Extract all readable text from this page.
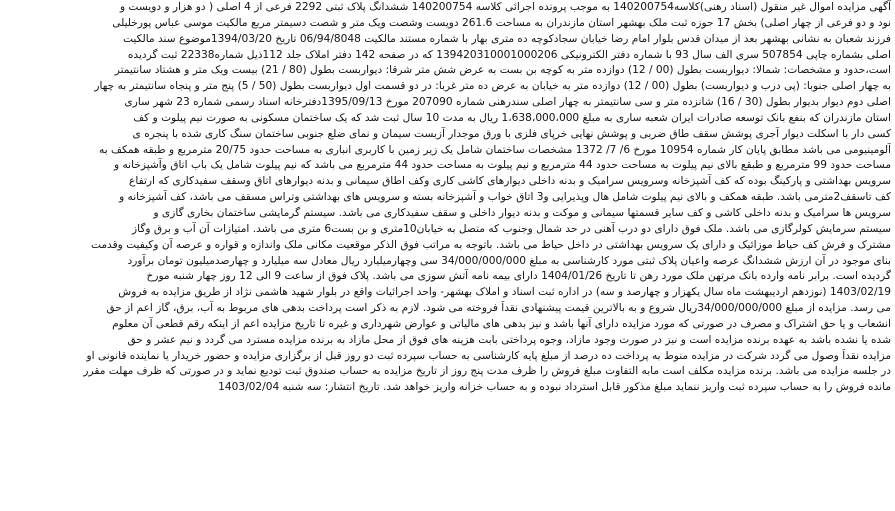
آگهی مزایده اموال غیر منقول (اسناد رهنی)کلاسه140200754 به موجب پرونده اجرائی کلاسه 140200754 ششدانگ پلاک ثبتی 2292 فرعی از 4 اصلی ( دو هزار و دویست و
نود و دو فرعی از چهار اصلی) بخش 17 حوزه ثبت ملک بهشهر استان مازندران به مساحت 261.6 دویست وشصت ویک متر و شصت دسیمتر مربع مالکیت موسی عباس پورخلیلی
فرزند شعبان به نشانی بهشهر بعد از میدان قدس بلوار امام رضا خیابان سجادکوچه ده متری بهار با شماره مستند مالکیت 06/94/8048 تاریخ 1394/03/20موضوع سند مالکیت
اصلی بشماره چاپی 507854 سری الف سال 93 با شماره دفتر الکترونیکی 139420310001000206 که در صفحه 142 دفتر املاک جلد 112ذیل شماره22338 ثبت گردیده
است،حدود و مشخصات: شمالا: دیواربست بطول (00 / 12) دوازده متر به کوچه بن بست به عرض شش متر شرقا: دیواربست بطول (80 / 21) بیست ویک متر و هشتاد سانتیمتر
به چهار اصلی جنوبا: (پی درب و دیواربست) بطول (00 / 12) دوازده متر به خیابان به عرض ده متر غربا: در دو قسمت اول دیواربست بطول (50 / 5) پنج متر و پنجاه سانتیمتر به چهار
اصلی دوم دیوار بدیوار بطول (30 / 16) شانزده متر و سی سانتیمتر به چهار اصلی سندرهنی شماره 207090 مورخ 1395/09/13دفترخانه اسناد رسمی شماره 23 شهر ساری
استان مازندران که بنفع بانک توسعه صادرات ایران شعبه ساری به مبلغ 1،638،000،000 ریال به مدت 10 سال ثبت شد که یک ساختمان مسکونی به صورت نیم پیلوت و کف
کسی دار با اسکلت دیوار آجری پوشش سقف طاق ضربی و پوشش نهایی خرپای فلزی با ورق موجدار آزبست سیمان و نمای ضلع جنوبی ساختمان سنگ کاری شده با پنجره ی
آلومینیومی می باشد مطابق پایان کار شماره 10954 مورخ 6/ 7/ 1372 مشخصات ساختمان شامل یک زیر زمین با کاربری انباری به مساحت حدود 20/75 مترمربع و طبقه همکف به
مساحت حدود 99 مترمربع و طبقع بالای نیم پیلوت به مساحت حدود 44 مترمربع و نیم پیلوت به مساحت حدود 44 مترمربع می باشد که نیم پیلوت شامل یک باب اتاق وآشپزخانه و
سرویس بهداشتی و پارکینگ بوده که کف آشپزخانه وسرویس سرامیک و بدنه داخلی دیوارهای کاشی کاری وکف اطاق سیمانی و بدنه دیوارهای اتاق وسقف سفیدکاری که ارتفاع
کف تاسقف2مترمی باشد. طبقه همکف و بالای نیم پیلوت شامل هال وپذیرایی و3 اتاق خواب و آشپزخانه بسته و سرویس های بهداشتی وتراس مسقف می باشد، کف آشپزخانه و
سرویس ها سرامیک و بدنه داخلی کاشی و کف سایر قسمتها سیمانی و موکت و بدنه دیوار داخلی و سقف سفیدکاری می باشد. سیستم گرمایشی ساختمان بخاری گازی و
سیستم سرمایش کولرگازی می باشد. ملک فوق دارای دو درب آهنی در حد شمال وجنوب که متصل به خیابان10متری و بن بست6 متری می باشد. امتیازات آن آب و برق وگاز
مشترک و فرش کف حیاط موزائیک و دارای یک سرویس بهداشتی در داخل حیاط می باشد. باتوجه به مراتب فوق الذکر موقعیت مکانی ملک واندازه و قواره و عرصه آن وکیفیت وقدمت
بنای موجود در آن ارزش ششدانگ عرصه واعیان پلاک ثبتی مورد کارشناسی به مبلغ 34/000/000/000 سی وچهارمیلیارد ریال معادل سه میلیارد و چهارصدمیلیون تومان برآورد
گردیده است. برابر نامه وارده بانک مرتهن ملک مورد رهن تا تاریخ 1404/01/26 دارای بیمه نامه آتش سوزی می باشد. پلاک فوق از ساعت 9 الی 12 روز چهار شنبه مورخ
1403/02/19 (نوزدهم اردیبهشت ماه سال یکهزار و چهارصد و سه) در اداره ثبت اسناد و املاک بهشهر- واحد اجرائیات واقع در بلوار شهید هاشمی نژاد از طریق مزایده به فروش
می رسد. مزایده از مبلغ 34/000/000/000ریال شروع و به بالاترین قیمت پیشنهادی نقداً فروخته می شود. لازم به ذکر است پرداخت بدهی های مربوط به آب، برق، گاز اعم از حق
انشعاب و یا حق اشتراک و مصرف در صورتی که مورد مزایده دارای آنها باشد و نیز بدهی های مالیاتی و عوارض شهرداری و غیره تا تاریخ مزایده اعم از اینکه رقم قطعی آن معلوم
شده یا نشده باشد به عهده برنده مزایده است و نیز در صورت وجود مازاد، وجوه پرداختی بابت هزینه های فوق از محل مازاد به برنده مزایده مسترد می گردد و نیم عشر و حق
مزایده نقداً وصول می گردد شرکت در مزایده منوط به پرداخت ده درصد از مبلغ پایه کارشناسی به حساب سپرده ثبت دو روز قبل از برگزاری مزایده و حضور خریدار یا نماینده قانونی او
در جلسه مزایده می باشد. برنده مزایده مکلف است مابه التفاوت مبلغ فروش را ظرف مدت پنج روز از تاریخ مزایده به حساب صندوق ثبت تودیع نماید و در صورتی که ظرف مهلت مقرر
مانده فروش را به حساب سپرده ثبت واریز ننماید مبلغ مذکور قابل استرداد نبوده و به حساب خزانه واریز خواهد شد. تاریخ انتشار: سه شنبه 1403/02/04
